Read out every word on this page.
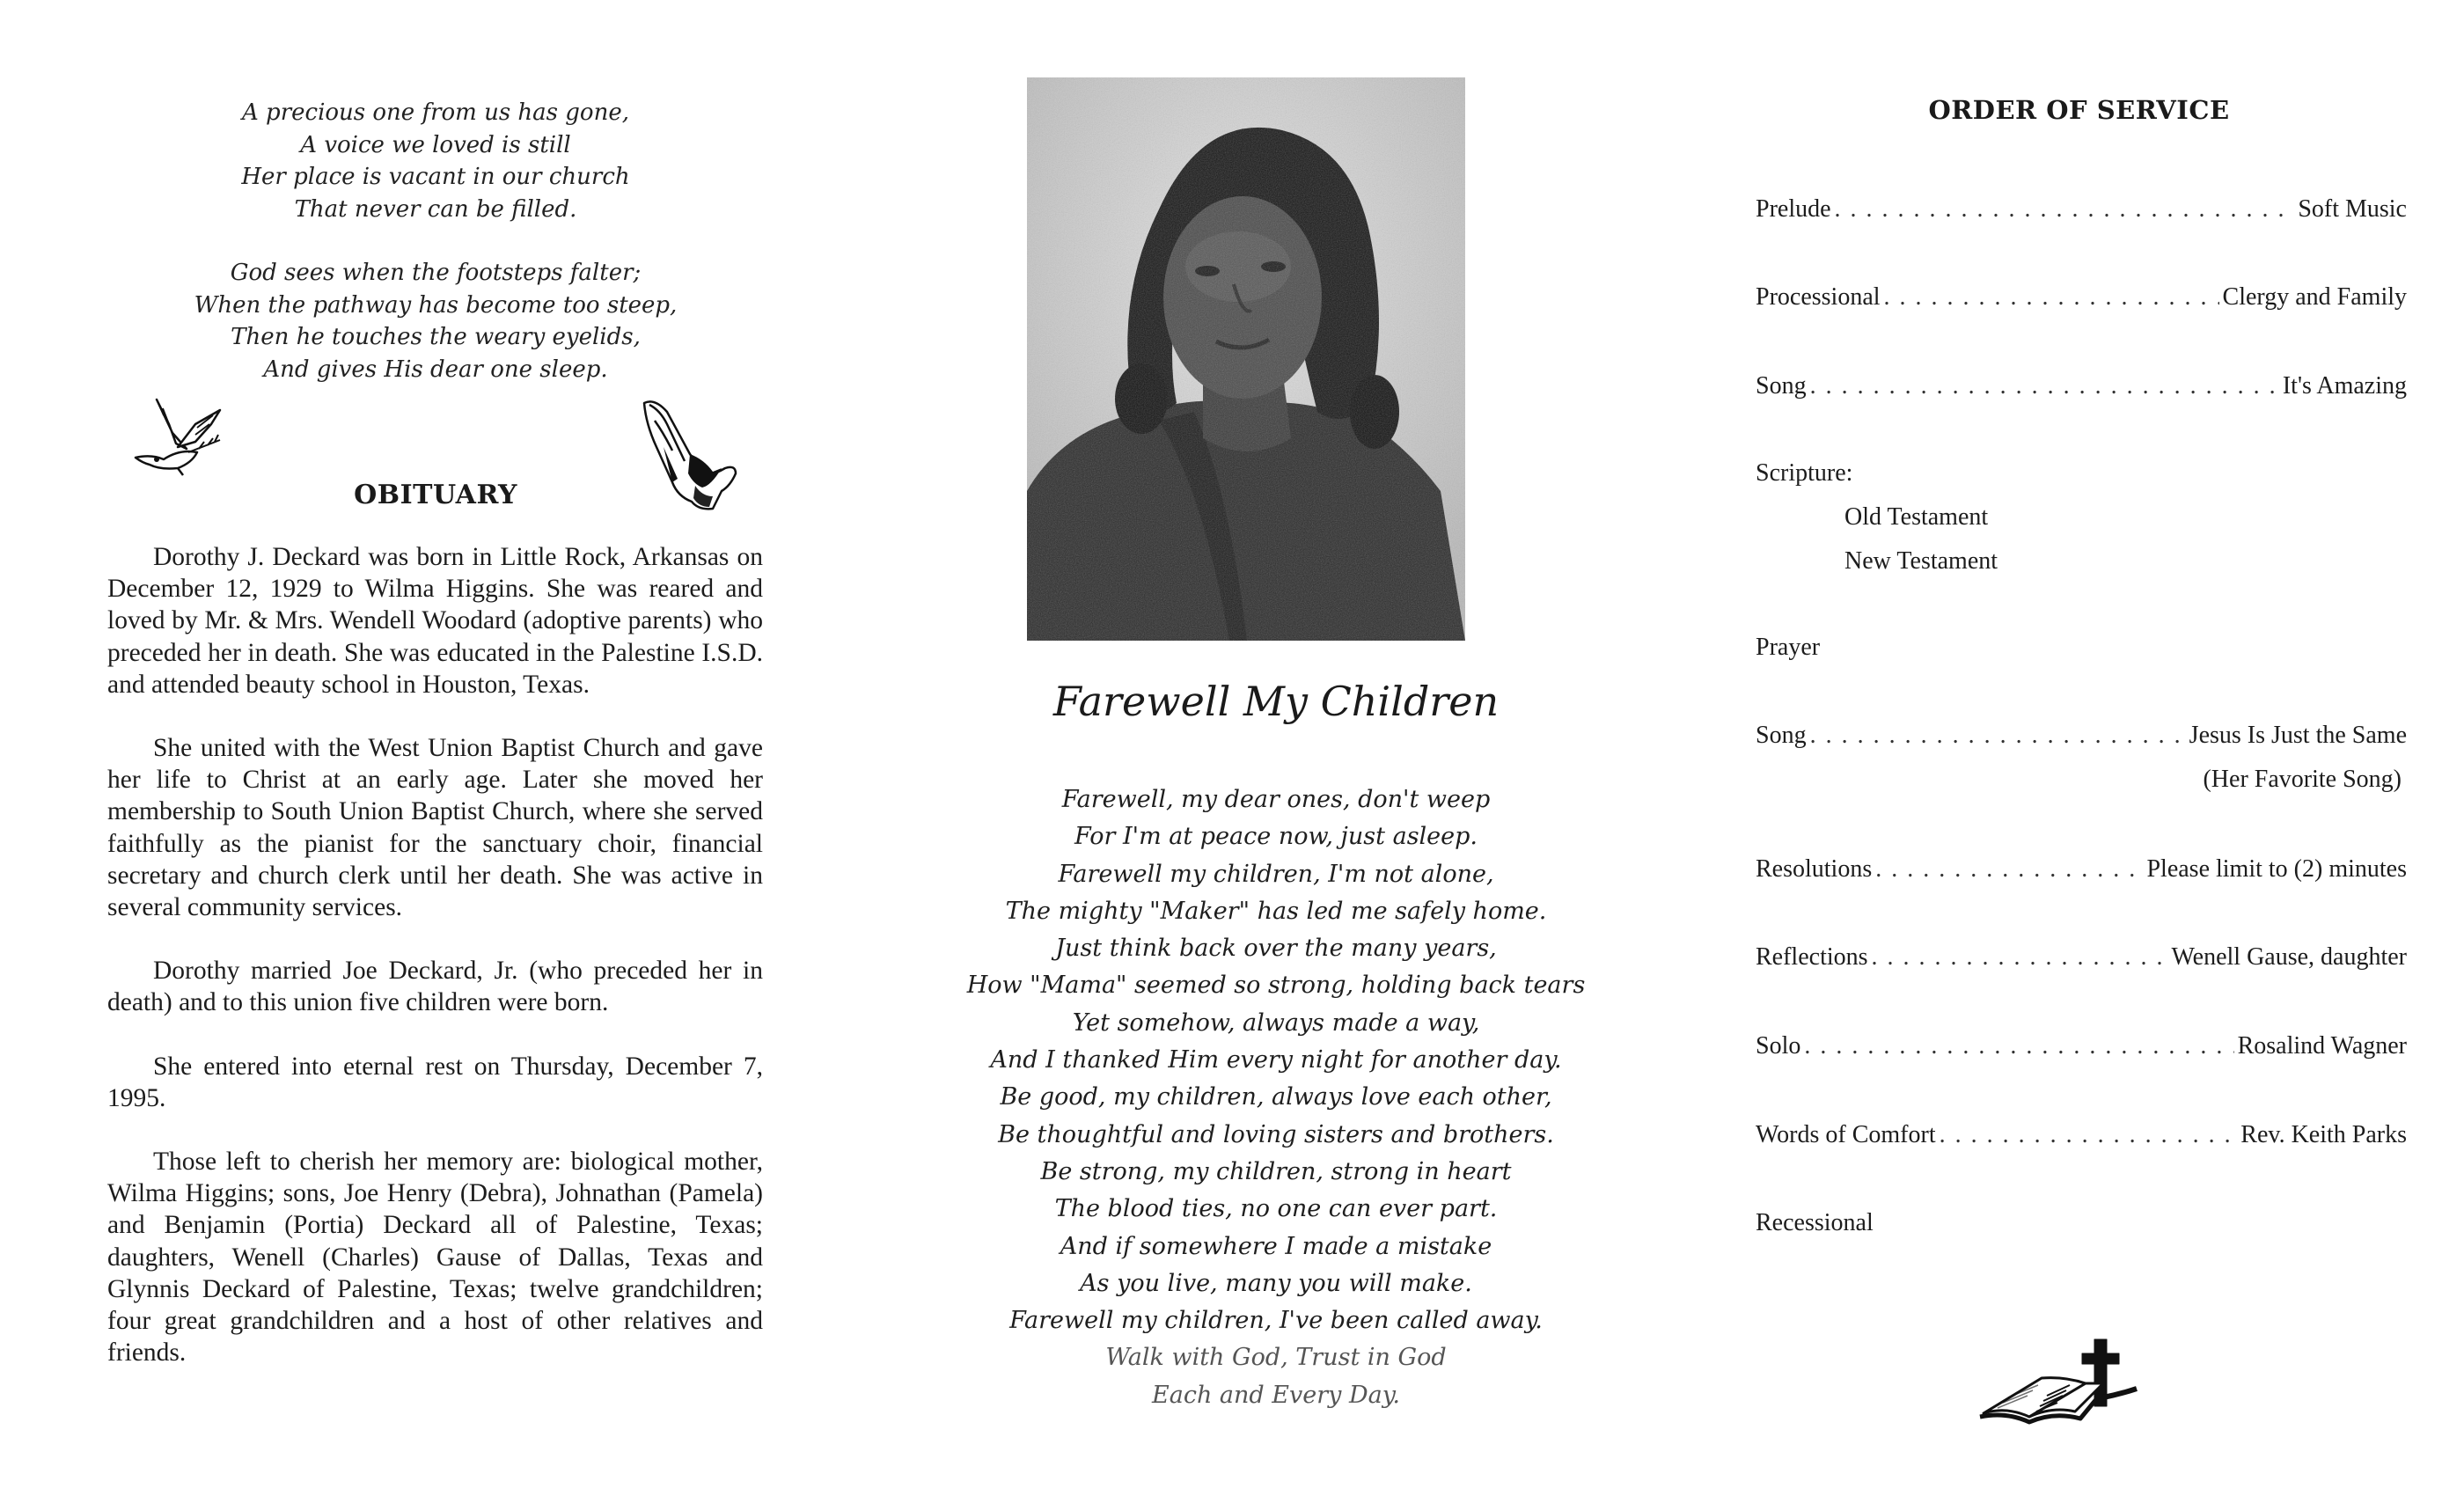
A precious one from us has gone,
A voice we loved is still
Her place is vacant in our church
That never can be filled.
God sees when the footsteps falter;
When the pathway has become too steep,
Then he touches the weary eyelids,
And gives His dear one sleep.
OBITUARY

Dorothy J. Deckard was born in Little Rock, Arkansas on December 12, 1929 to Wilma Higgins. She was reared and loved by Mr. & Mrs. Wendell Woodard (adoptive parents) who preceded her in death. She was educated in the Palestine I.S.D. and attended beauty school in Houston, Texas.

She united with the West Union Baptist Church and gave her life to Christ at an early age. Later she moved her membership to South Union Baptist Church, where she served faithfully as the pianist for the sanctuary choir, financial secretary and church clerk until her death. She was active in several community services.

Dorothy married Joe Deckard, Jr. (who preceded her in death) and to this union five children were born.

She entered into eternal rest on Thursday, December 7, 1995.

Those left to cherish her memory are: biological mother, Wilma Higgins; sons, Joe Henry (Debra), Johnathan (Pamela) and Benjamin (Portia) Deckard all of Palestine, Texas; daughters, Wenell (Charles) Gause of Dallas, Texas and Glynnis Deckard of Palestine, Texas; twelve grandchildren; four great grandchildren and a host of other relatives and friends.

Farewell My Children
Farewell, my dear ones, don't weep
For I'm at peace now, just asleep.
Farewell my children, I'm not alone,
The mighty "Maker" has led me safely home.
Just think back over the many years,
How "Mama" seemed so strong, holding back tears
Yet somehow, always made a way,
And I thanked Him every night for another day.
Be good, my children, always love each other,
Be thoughtful and loving sisters and brothers.
Be strong, my children, strong in heart
The blood ties, no one can ever part.
And if somewhere I made a mistake
As you live, many you will make.
Farewell my children, I've been called away.
Walk with God, Trust in God
Each and Every Day.
ORDER OF SERVICE
Prelude . . .	Soft Music
Processional . . .	Clergy and Family
Song . . .	It's Amazing
Scripture:
Old Testament
New Testament
Prayer
Song . . .	Jesus Is Just the Same
(Her Favorite Song)
Resolutions . . .	Please limit to (2) minutes
Reflections . . .	Wenell Gause, daughter
Solo . . .	Rosalind Wagner
Words of Comfort . . .	Rev. Keith Parks
Recessional
